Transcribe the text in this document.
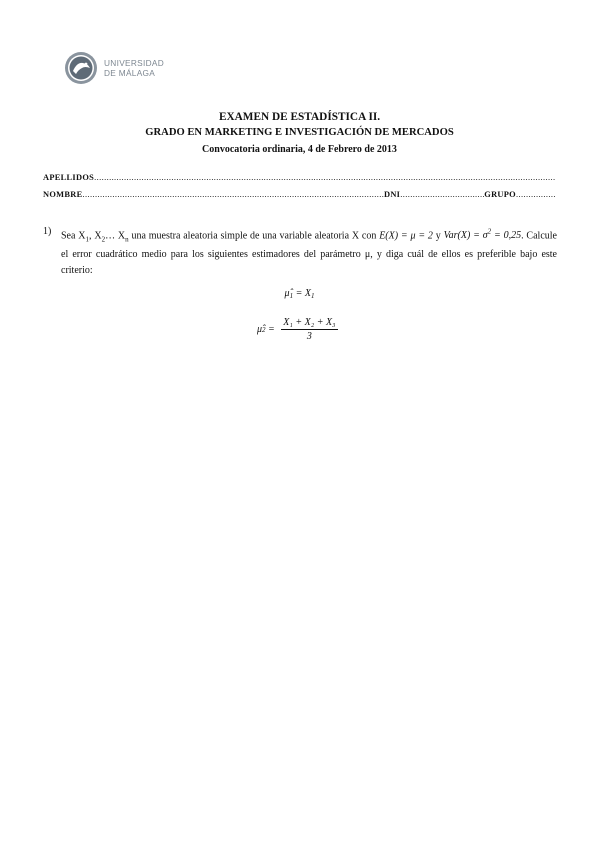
UNIVERSIDAD
DE MÁLAGA
EXAMEN DE ESTADÍSTICA II.
GRADO EN MARKETING E INVESTIGACIÓN DE MERCADOS
Convocatoria ordinaria, 4 de Febrero de 2013
APELLIDOS
.....
NOMBRE .....	DNI .....	GRUPO
.....
1) Sea $X_1$, $X_2\dots$ $X_n$ una muestra aleatoria simple de una variable aleatoria X con E(X) = μ = 2 y $Var(X) = \sigma^2 = 0,25$. Calcule el error cuadrático medio para los siguientes estimadores del parámetro μ, y diga cuál de ellos es preferible bajo este criterio:
$\mû_1 = X_1$
μ̂ $2 = \frac{\text{X₁ + X₂ + X₃}}{3}$
